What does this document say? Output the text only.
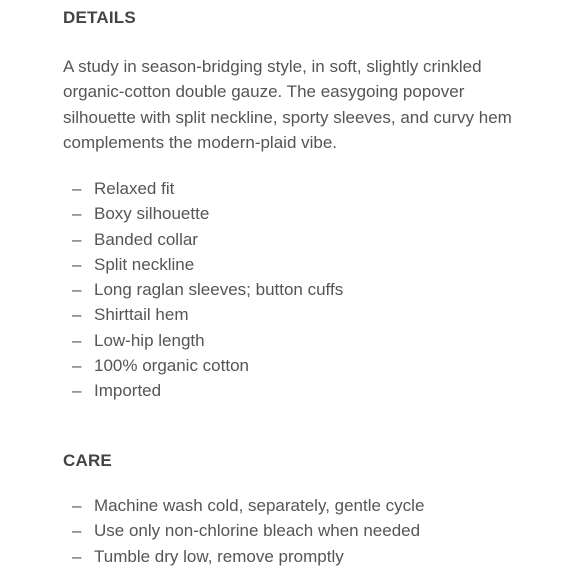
DETAILS

A study in season-bridging style, in soft, slightly crinkled organic-cotton double gauze. The easygoing popover silhouette with split neckline, sporty sleeves, and curvy hem complements the modern-plaid vibe.

– Relaxed fit
– Boxy silhouette
– Banded collar
– Split neckline
– Long raglan sleeves; button cuffs
– Shirttail hem
– Low-hip length
– 100% organic cotton
– Imported
CARE
– Machine wash cold, separately, gentle cycle
– Use only non-chlorine bleach when needed
– Tumble dry low, remove promptly
